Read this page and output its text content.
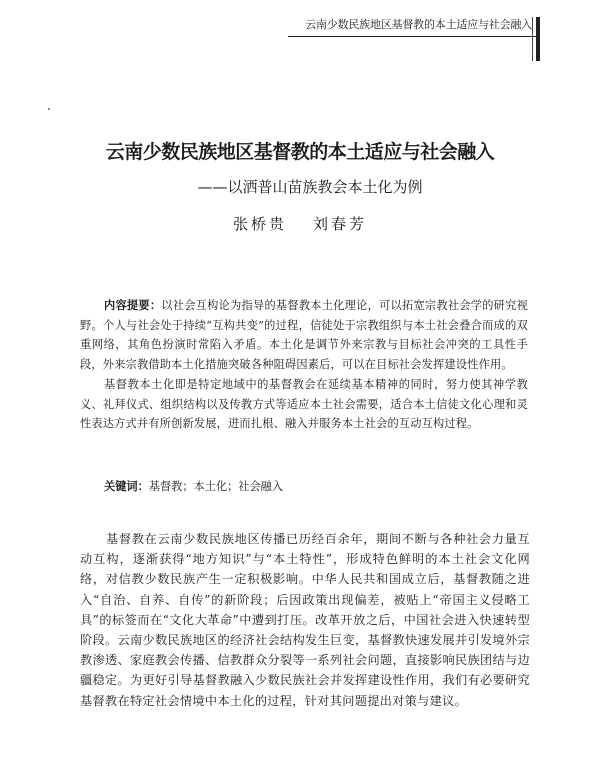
云南少数民族地区基督教的本土适应与社会融入
云南少数民族地区基督教的本土适应与社会融入
——以洒普山苗族教会本土化为例
张桥贵 刘春芳

内容提要：以社会互构论为指导的基督教本土化理论，可以拓宽宗教社会学的研究视野。个人与社会处于持续“互构共变”的过程，信徒处于宗教组织与本土社会叠合而成的双重网络，其角色扮演时常陷入矛盾。本土化是调节外来宗教与目标社会冲突的工具性手段，外来宗教借助本土化措施突破各种阻碍因素后，可以在目标社会发挥建设性作用。

基督教本土化即是特定地域中的基督教会在延续基本精神的同时，努力使其神学教义、礼拜仪式、组织结构以及传教方式等适应本土社会需要，适合本土信徒文化心理和灵性表达方式并有所创新发展，进而扎根、融入并服务本土社会的互动互构过程。

关键词：基督教；本土化；社会融入

基督教在云南少数民族地区传播已历经百余年，期间不断与各种社会力量互动互构，逐渐获得“地方知识”与“本土特性”，形成特色鲜明的本土社会文化网络，对信教少数民族产生一定积极影响。中华人民共和国成立后，基督教随之进入“自治、自养、自传”的新阶段；后因政策出现偏差，被贴上“帝国主义侵略工具”的标签而在“文化大革命”中遭到打压。改革开放之后，中国社会进入快速转型阶段。云南少数民族地区的经济社会结构发生巨变，基督教快速发展并引发境外宗教渗透、家庭教会传播、信教群众分裂等一系列社会问题，直接影响民族团结与边疆稳定。为更好引导基督教融入少数民族社会并发挥建设性作用，我们有必要研究基督教在特定社会情境中本土化的过程，针对其问题提出对策与建议。
